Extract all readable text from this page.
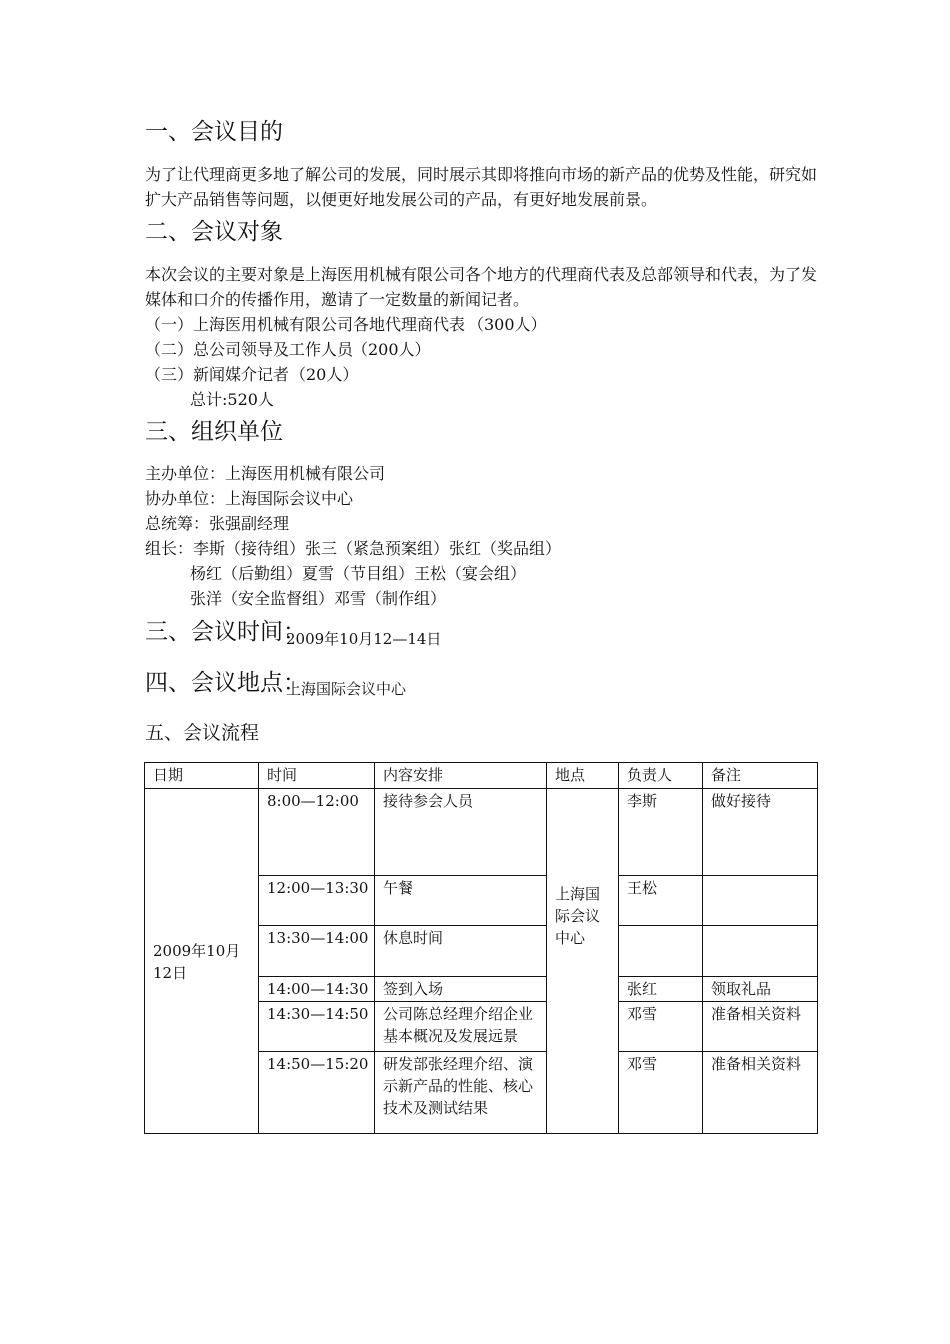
一、会议目的
为了让代理商更多地了解公司的发展，同时展示其即将推向市场的新产品的优势及性能，研究如
扩大产品销售等问题，以便更好地发展公司的产品，有更好地发展前景。
二、会议对象
本次会议的主要对象是上海医用机械有限公司各个地方的代理商代表及总部领导和代表，为了发
媒体和口介的传播作用，邀请了一定数量的新闻记者。
（一）上海医用机械有限公司各地代理商代表 （300人）
（二）总公司领导及工作人员
（200人）
（三）新闻媒介记者 （20人）
总计:520人
三、组织单位
主办单位：上海医用机械有限公司
协办单位：上海国际会议中心
总统筹：张强副经理
组长：李斯（接待组）张三（紧急预案组）张红（奖品组）
杨红（后勤组）夏雪（节目组）王松（宴会组）
张洋（安全监督组）邓雪（制作组）
三、会议时间：
2009年10月12—14日
四、会议地点：
上海国际会议中心
五、会议流程
日期	时间	内容安排	地点	负责人	备注
2009年10月12日	8:00—12:00	接待参会人员	上海国际会议中心	李斯	做好接待
	12:00—13:30	午餐		王松	
	13:30—14:00	休息时间			
	14:00—14:30	签到入场		张红	领取礼品
	14:30—14:50	公司陈总经理介绍企业基本概况及发展远景		邓雪	准备相关资料
	14:50—15:20	研发部张经理介绍、演示新产品的性能、核心技术及测试结果		邓雪	准备相关资料
